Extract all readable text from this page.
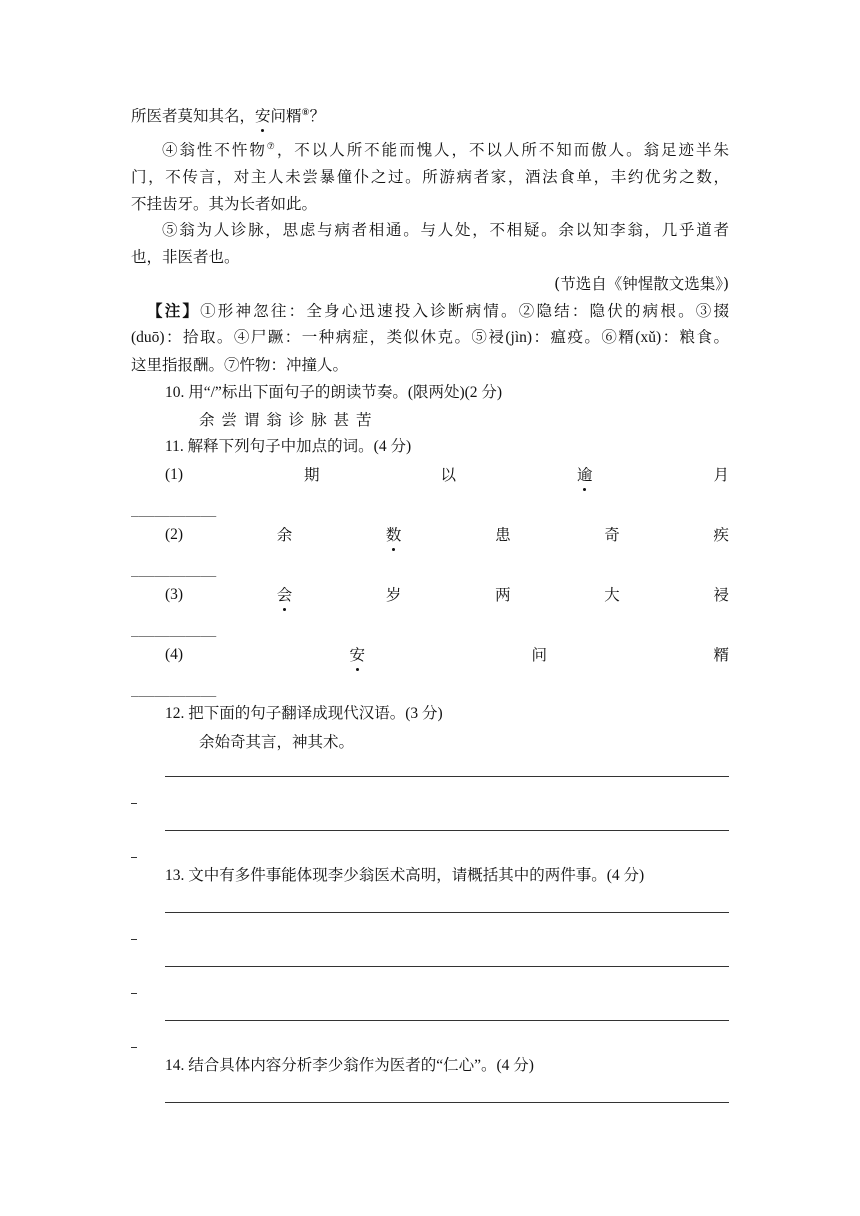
所医者莫知其名，安问糈⑧？
④翁性不忤物⑦，不以人所不能而愧人，不以人所不知而傲人。翁足迹半朱
门，不传言，对主人未尝暴僮仆之过。所游病者家，酒法食单，丰约优劣之数，
不挂齿牙。其为长者如此。
⑤翁为人诊脉，思虑与病者相通。与人处，不相疑。余以知李翁，几乎道者
也，非医者也。
(节选自《钟惺散文选集》)
【注】①形神忽往：全身心迅速投入诊断病情。②隐结：隐伏的病根。③掇
(duō)：拾取。④尸蹶：一种病症，类似休克。⑤祲(jìn)：瘟疫。⑥糈(xǔ)：粮食。
这里指报酬。⑦忤物：冲撞人。
10. 用“/”标出下面句子的朗读节奏。(限两处)(2 分)
余 尝 谓 翁 诊 脉 甚 苦
11. 解释下列句子中加点的词。(4 分)
(1)	期	以	逾	月
___________
(2)	余	数	患	奇	疾
___________
(3)	会	岁	两	大	祲
___________
(4)	安	问	糈
___________
12. 把下面的句子翻译成现代汉语。(3 分)
余始奇其言，神其术。
13. 文中有多件事能体现李少翁医术高明，请概括其中的两件事。(4 分)
14. 结合具体内容分析李少翁作为医者的“仁心”。(4 分)
